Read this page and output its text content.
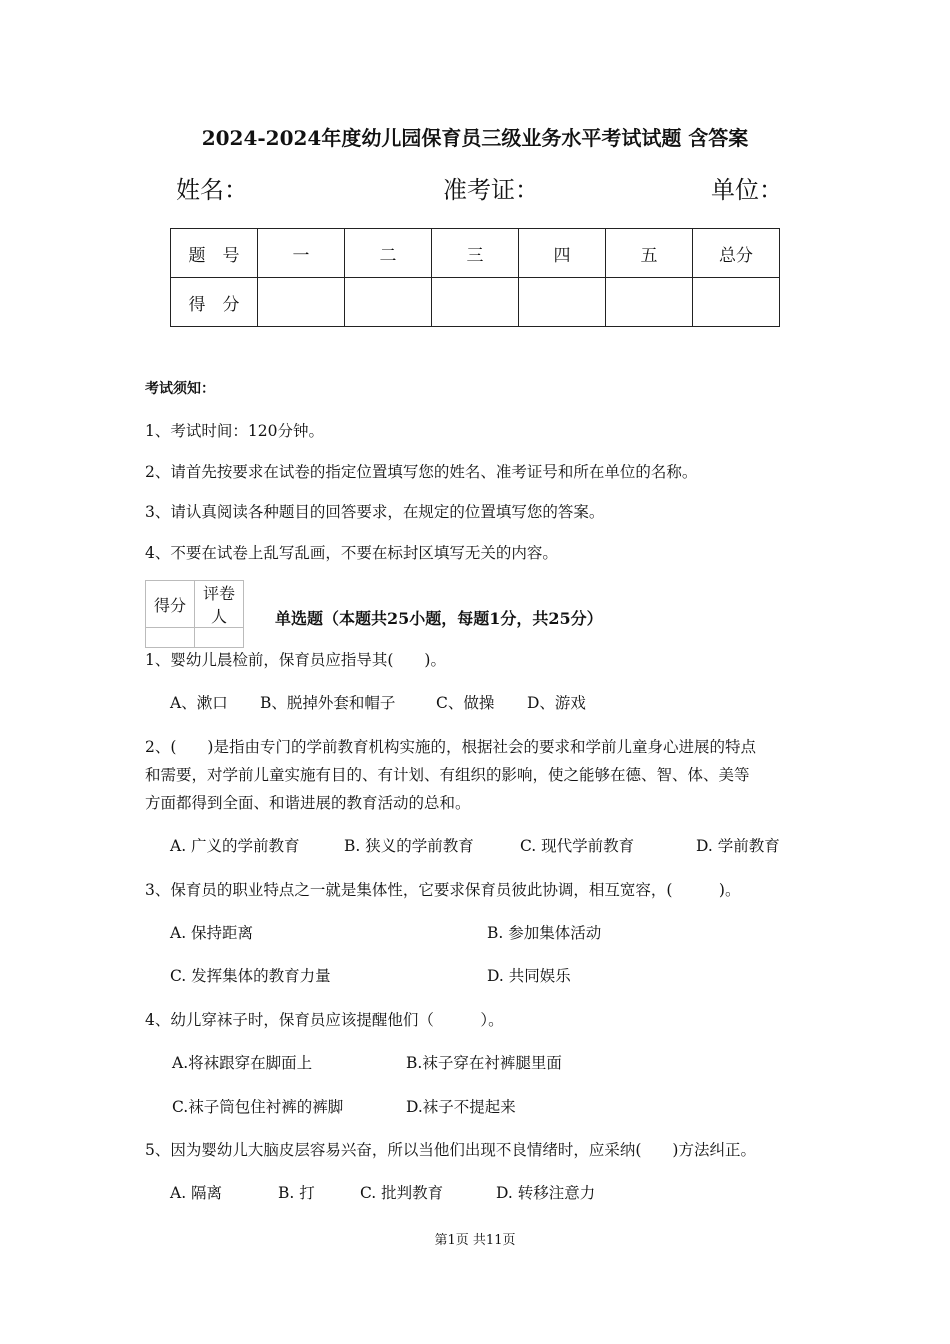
2024-2024年度幼儿园保育员三级业务水平考试试题 含答案
姓名：	准考证：	单位：
题　号	一	二	三	四	五	总分
得　分						
考试须知：
1、考试时间：120分钟。
2、请首先按要求在试卷的指定位置填写您的姓名、准考证号和所在单位的名称。
3、请认真阅读各种题目的回答要求，在规定的位置填写您的答案。
4、不要在试卷上乱写乱画，不要在标封区填写无关的内容。
得分	评卷人
		单选题（本题共25小题，每题1分，共25分）
1、婴幼儿晨检前，保育员应指导其(　　)。
A、漱口 B、脱掉外套和帽子	C、做操 D、游戏
2、(　　)是指由专门的学前教育机构实施的，根据社会的要求和学前儿童身心进展的特点
和需要，对学前儿童实施有目的、有计划、有组织的影响，使之能够在德、智、体、美等
方面都得到全面、和谐进展的教育活动的总和。
A. 广义的学前教育	B. 狭义的学前教育	C. 现代学前教育	D. 学前教育
3、保育员的职业特点之一就是集体性，它要求保育员彼此协调，相互宽容，(　　　)。
A. 保持距离	B. 参加集体活动
C. 发挥集体的教育力量	D. 共同娱乐
4、幼儿穿袜子时，保育员应该提醒他们（　　　）。
A.将袜跟穿在脚面上	B.袜子穿在衬裤腿里面
C.袜子筒包住衬裤的裤脚	D.袜子不提起来
5、因为婴幼儿大脑皮层容易兴奋，所以当他们出现不良情绪时，应采纳(　　)方法纠正。
A. 隔离	B. 打	C. 批判教育	D. 转移注意力
第1页 共11页
